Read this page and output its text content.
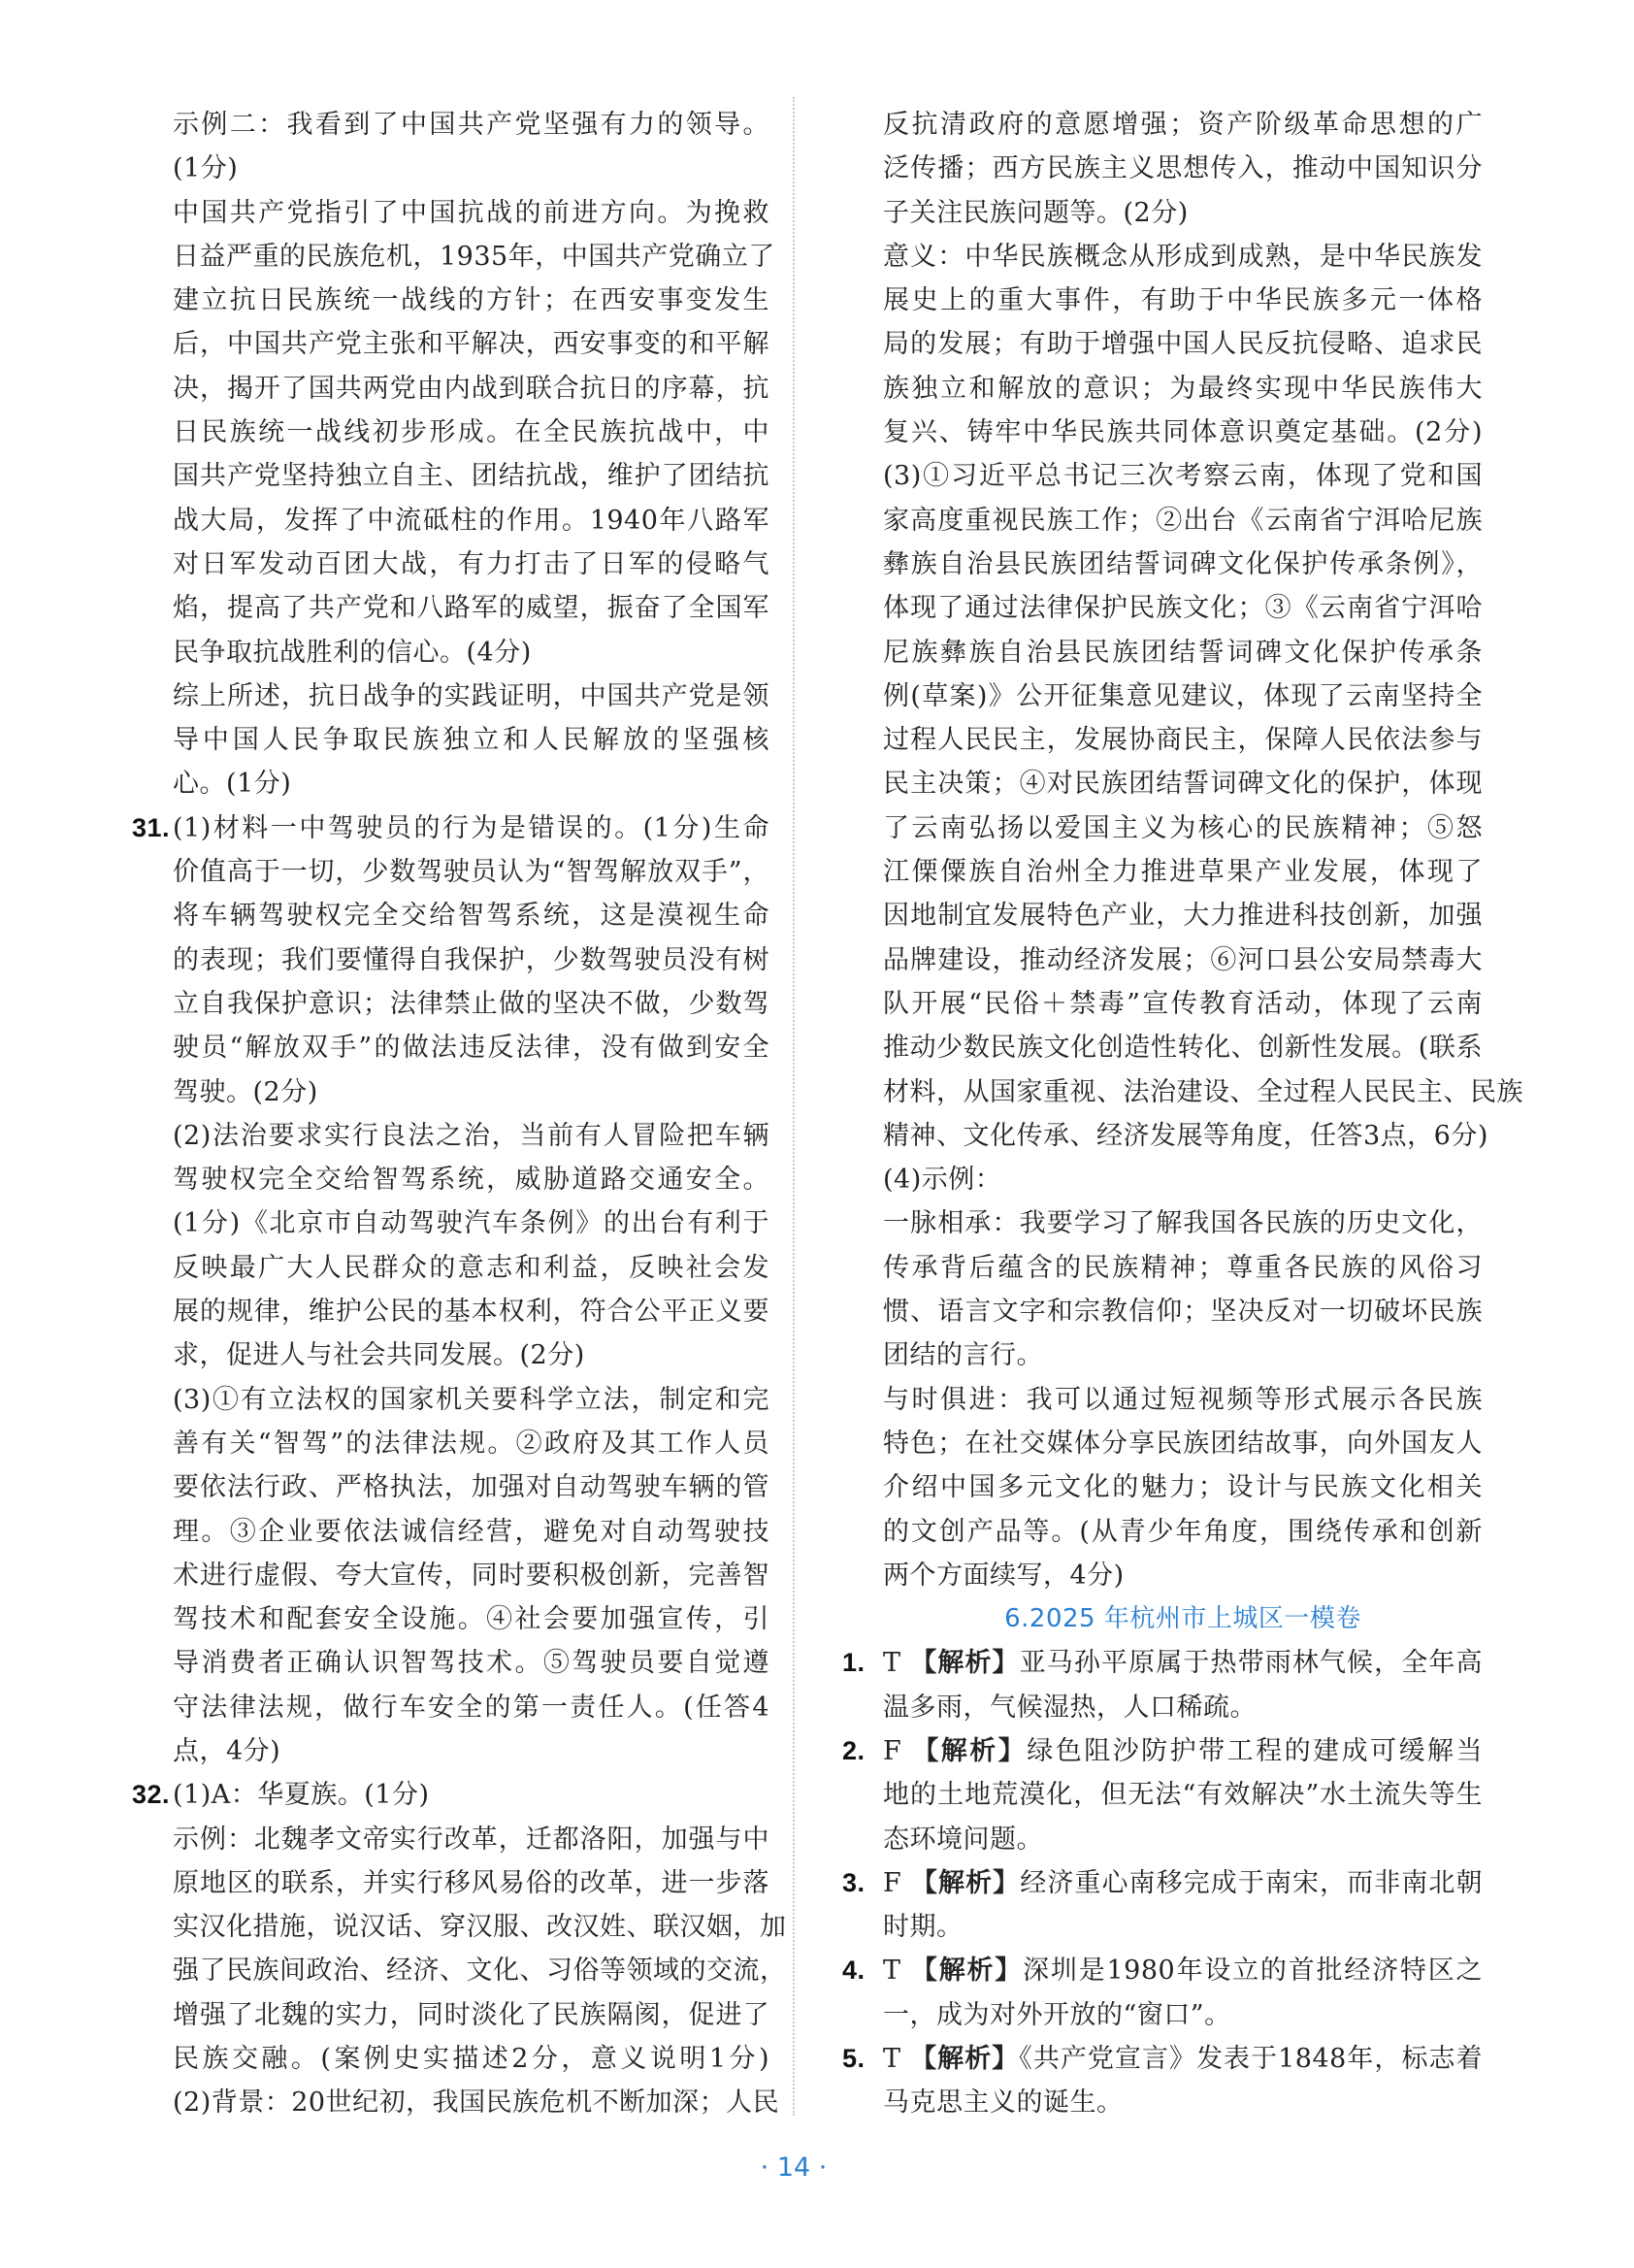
示例二：我看到了中国共产党坚强有力的领导。
(1分)
中国共产党指引了中国抗战的前进方向。为挽救
日益严重的民族危机，1935年，中国共产党确立了
建立抗日民族统一战线的方针；在西安事变发生
后，中国共产党主张和平解决，西安事变的和平解
决，揭开了国共两党由内战到联合抗日的序幕，抗
日民族统一战线初步形成。在全民族抗战中，中
国共产党坚持独立自主、团结抗战，维护了团结抗
战大局，发挥了中流砥柱的作用。1940年八路军
对日军发动百团大战，有力打击了日军的侵略气
焰，提高了共产党和八路军的威望，振奋了全国军
民争取抗战胜利的信心。(4分)
综上所述，抗日战争的实践证明，中国共产党是领
导中国人民争取民族独立和人民解放的坚强核
心。(1分)
31. (1)材料一中驾驶员的行为是错误的。(1分)生命
价值高于一切，少数驾驶员认为“智驾解放双手”，
将车辆驾驶权完全交给智驾系统，这是漠视生命
的表现；我们要懂得自我保护，少数驾驶员没有树
立自我保护意识；法律禁止做的坚决不做，少数驾
驶员“解放双手”的做法违反法律，没有做到安全
驾驶。(2分)
(2)法治要求实行良法之治，当前有人冒险把车辆
驾驶权完全交给智驾系统，威胁道路交通安全。
(1分)《北京市自动驾驶汽车条例》的出台有利于
反映最广大人民群众的意志和利益，反映社会发
展的规律，维护公民的基本权利，符合公平正义要
求，促进人与社会共同发展。(2分)
(3)①有立法权的国家机关要科学立法，制定和完
善有关“智驾”的法律法规。②政府及其工作人员
要依法行政、严格执法，加强对自动驾驶车辆的管
理。③企业要依法诚信经营，避免对自动驾驶技
术进行虚假、夸大宣传，同时要积极创新，完善智
驾技术和配套安全设施。④社会要加强宣传，引
导消费者正确认识智驾技术。⑤驾驶员要自觉遵
守法律法规，做行车安全的第一责任人。(任答4
点，4分)
32. (1)A：华夏族。(1分)
示例：北魏孝文帝实行改革，迁都洛阳，加强与中
原地区的联系，并实行移风易俗的改革，进一步落
实汉化措施，说汉话、穿汉服、改汉姓、联汉姻，加
强了民族间政治、经济、文化、习俗等领域的交流，
增强了北魏的实力，同时淡化了民族隔阂，促进了
民族交融。(案例史实描述2分，意义说明1分)
(2)背景：20世纪初，我国民族危机不断加深；人民
反抗清政府的意愿增强；资产阶级革命思想的广
泛传播；西方民族主义思想传入，推动中国知识分
子关注民族问题等。(2分)
意义：中华民族概念从形成到成熟，是中华民族发
展史上的重大事件，有助于中华民族多元一体格
局的发展；有助于增强中国人民反抗侵略、追求民
族独立和解放的意识；为最终实现中华民族伟大
复兴、铸牢中华民族共同体意识奠定基础。(2分)
(3)①习近平总书记三次考察云南，体现了党和国
家高度重视民族工作；②出台《云南省宁洱哈尼族
彝族自治县民族团结誓词碑文化保护传承条例》，
体现了通过法律保护民族文化；③《云南省宁洱哈
尼族彝族自治县民族团结誓词碑文化保护传承条
例(草案)》公开征集意见建议，体现了云南坚持全
过程人民民主，发展协商民主，保障人民依法参与
民主决策；④对民族团结誓词碑文化的保护，体现
了云南弘扬以爱国主义为核心的民族精神；⑤怒
江傈僳族自治州全力推进草果产业发展，体现了
因地制宜发展特色产业，大力推进科技创新，加强
品牌建设，推动经济发展；⑥河口县公安局禁毒大
队开展“民俗＋禁毒”宣传教育活动，体现了云南
推动少数民族文化创造性转化、创新性发展。(联系
材料，从国家重视、法治建设、全过程人民民主、民族
精神、文化传承、经济发展等角度，任答3点，6分)
(4)示例：
一脉相承：我要学习了解我国各民族的历史文化，
传承背后蕴含的民族精神；尊重各民族的风俗习
惯、语言文字和宗教信仰；坚决反对一切破坏民族
团结的言行。
与时俱进：我可以通过短视频等形式展示各民族
特色；在社交媒体分享民族团结故事，向外国友人
介绍中国多元文化的魅力；设计与民族文化相关
的文创产品等。(从青少年角度，围绕传承和创新
两个方面续写，4分)
6.2025 年杭州市上城区一模卷
1. T 【解析】亚马孙平原属于热带雨林气候，全年高
温多雨，气候湿热，人口稀疏。
2. F 【解析】绿色阻沙防护带工程的建成可缓解当
地的土地荒漠化，但无法“有效解决”水土流失等生
态环境问题。
3. F 【解析】经济重心南移完成于南宋，而非南北朝
时期。
4. T 【解析】深圳是1980年设立的首批经济特区之
一，成为对外开放的“窗口”。
5. T 【解析】《共产党宣言》发表于1848年，标志着
马克思主义的诞生。
· 14 ·
